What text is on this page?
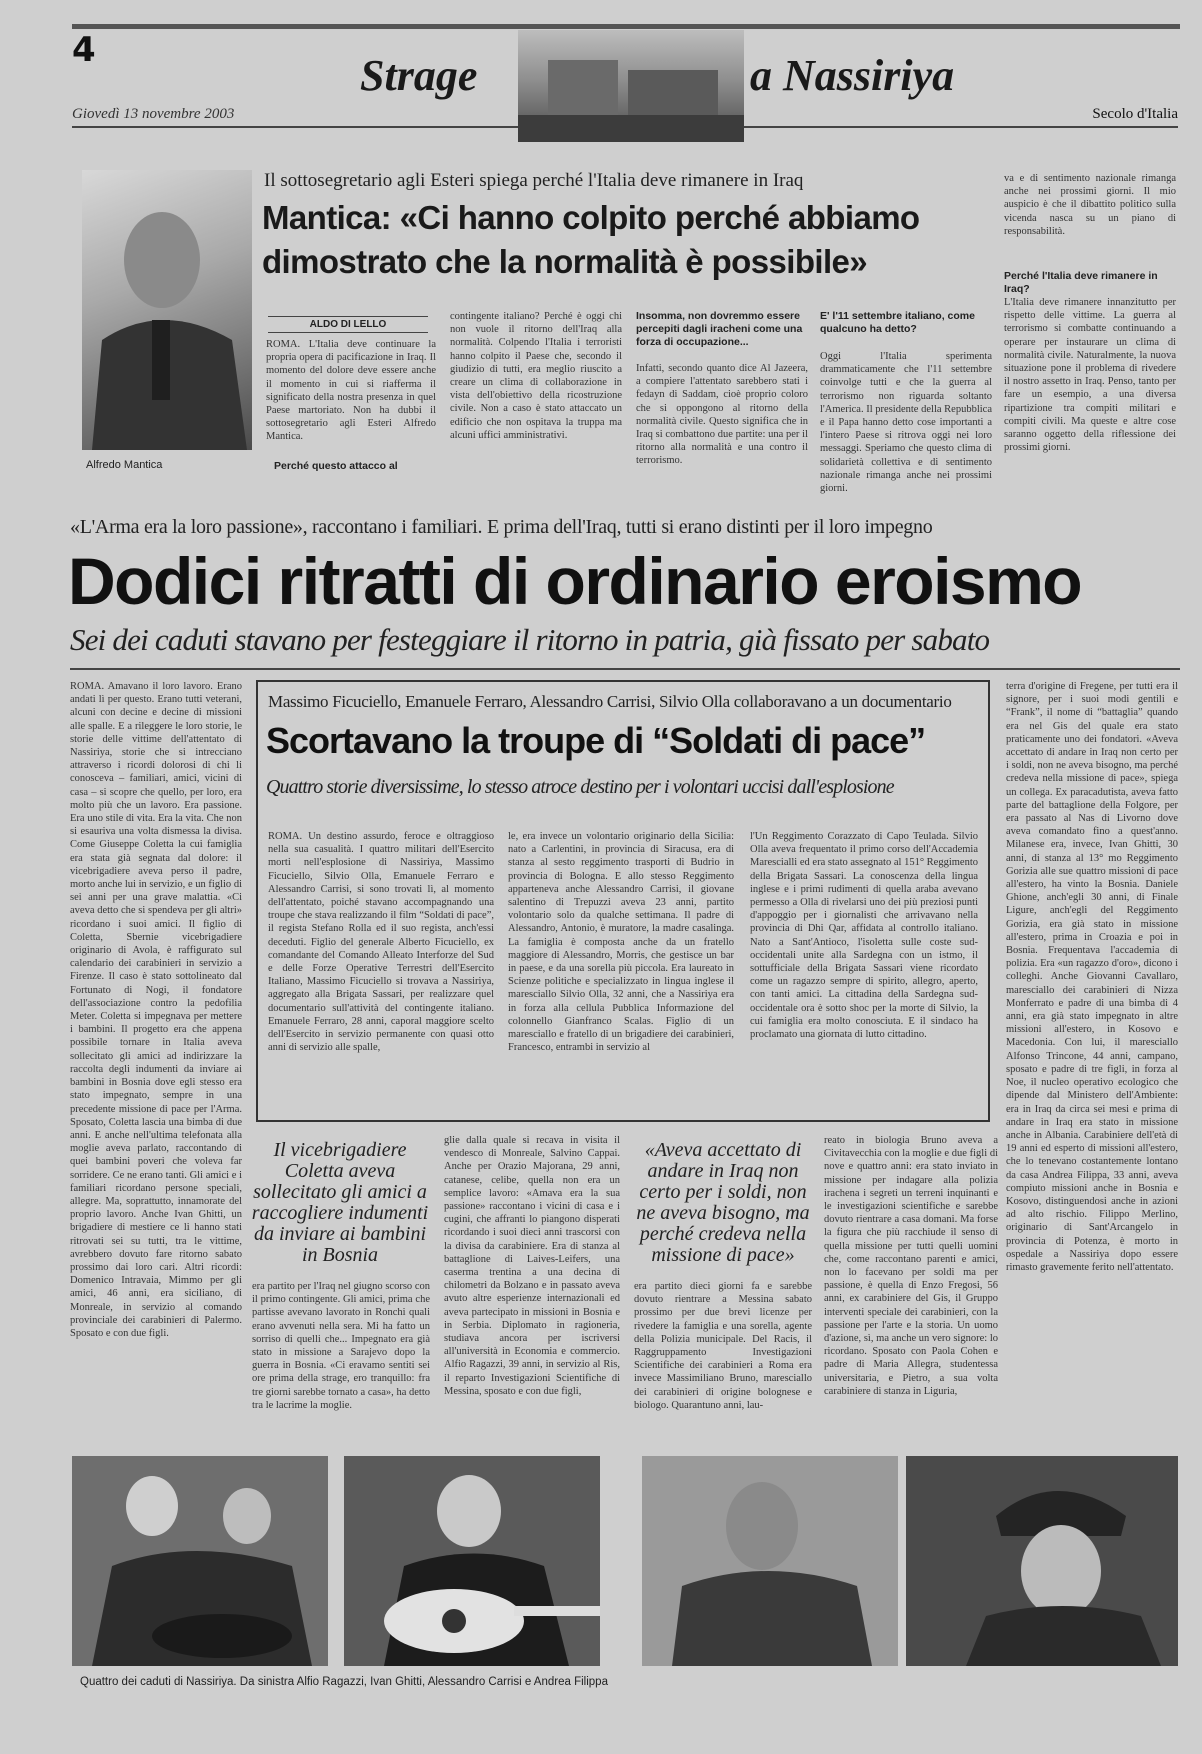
4
Strage	a Nassiriya
Giovedì 13 novembre 2003	Secolo d'Italia
Alfredo Mantica
Il sottosegretario agli Esteri spiega perché l'Italia deve rimanere in Iraq
Mantica: «Ci hanno colpito perché abbiamo dimostrato che la normalità è possibile»
ALDO DI LELLO
ROMA. L'Italia deve continuare la propria opera di pacificazione in Iraq. Il momento del dolore deve essere anche il momento in cui si riafferma il significato della nostra presenza in quel Paese martoriato. Non ha dubbi il sottosegretario agli Esteri Alfredo Mantica.
Perché questo attacco al
contingente italiano? Perché è oggi chi non vuole il ritorno dell'Iraq alla normalità. Colpendo l'Italia i terroristi hanno colpito il Paese che, secondo il giudizio di tutti, era meglio riuscito a creare un clima di collaborazione in vista dell'obiettivo della ricostruzione civile. Non a caso è stato attaccato un edificio che non ospitava la truppa ma alcuni uffici amministrativi.
Insomma, non dovremmo essere percepiti dagli iracheni come una forza di occupazione...
Infatti, secondo quanto dice Al Jazeera, a compiere l'attentato sarebbero stati i fedayn di Saddam, cioè proprio coloro che si oppongono al ritorno della normalità civile. Questo significa che in Iraq si combattono due partite: una per il ritorno alla normalità e una contro il terrorismo.
E' l'11 settembre italiano, come qualcuno ha detto?
Oggi l'Italia sperimenta drammaticamente che l'11 settembre coinvolge tutti e che la guerra al terrorismo non riguarda soltanto l'America. Il presidente della Repubblica e il Papa hanno detto cose importanti a l'intero Paese si ritrova oggi nei loro messaggi. Speriamo che questo clima di solidarietà collettiva e di sentimento nazionale rimanga anche nei prossimi giorni.
va e di sentimento nazionale rimanga anche nei prossimi giorni. Il mio auspicio è che il dibattito politico sulla vicenda nasca su un piano di responsabilità.
Perché l'Italia deve rimanere in Iraq?
L'Italia deve rimanere innanzitutto per rispetto delle vittime. La guerra al terrorismo si combatte continuando a operare per instaurare un clima di normalità civile. Naturalmente, la nuova situazione pone il problema di rivedere il nostro assetto in Iraq. Penso, tanto per fare un esempio, a una diversa ripartizione tra compiti militari e compiti civili. Ma queste e altre cose saranno oggetto della riflessione dei prossimi giorni.
«L'Arma era la loro passione», raccontano i familiari. E prima dell'Iraq, tutti si erano distinti per il loro impegno
Dodici ritratti di ordinario eroismo
Sei dei caduti stavano per festeggiare il ritorno in patria, già fissato per sabato
ROMA. Amavano il loro lavoro. Erano andati lì per questo. Erano tutti veterani, alcuni con decine e decine di missioni alle spalle. E a rileggere le loro storie, le storie delle vittime dell'attentato di Nassiriya, storie che si intrecciano attraverso i ricordi dolorosi di chi li conosceva – familiari, amici, vicini di casa – si scopre che quello, per loro, era molto più che un lavoro. Era passione. Era uno stile di vita. Era la vita. Che non si esauriva una volta dismessa la divisa. Come Giuseppe Coletta la cui famiglia era stata già segnata dal dolore: il vicebrigadiere aveva perso il padre, morto anche lui in servizio, e un figlio di sei anni per una grave malattia. «Ci aveva detto che si spendeva per gli altri» ricordano i suoi amici. Il figlio di Coletta, Sbernie vicebrigadiere originario di Avola, è raffigurato sul calendario dei carabinieri in servizio a Firenze. Il caso è stato sottolineato dal Fortunato di Nogi, il fondatore dell'associazione contro la pedofilia Meter. Coletta si impegnava per mettere i bambini. Il progetto era che appena possibile tornare in Italia aveva sollecitato gli amici ad indirizzare la raccolta degli indumenti da inviare ai bambini in Bosnia dove egli stesso era stato impegnato, sempre in una precedente missione di pace per l'Arma. Sposato, Coletta lascia una bimba di due anni. E anche nell'ultima telefonata alla moglie aveva parlato, raccontando di quei bambini poveri che voleva far sorridere. Ce ne erano tanti. Gli amici e i familiari ricordano persone speciali, allegre. Ma, soprattutto, innamorate del proprio lavoro. Anche Ivan Ghitti, un brigadiere di mestiere ce li hanno stati ritrovati sei su tutti, tra le vittime, avrebbero dovuto fare ritorno sabato prossimo dai loro cari. Altri ricordi: Domenico Intravaia, Mimmo per gli amici, 46 anni, era siciliano, di Monreale, in servizio al comando provinciale dei carabinieri di Palermo. Sposato e con due figli.
Massimo Ficuciello, Emanuele Ferraro, Alessandro Carrisi, Silvio Olla collaboravano a un documentario
Scortavano la troupe di “Soldati di pace”
Quattro storie diversissime, lo stesso atroce destino per i volontari uccisi dall'esplosione
ROMA. Un destino assurdo, feroce e oltraggioso nella sua casualità. I quattro militari dell'Esercito morti nell'esplosione di Nassiriya, Massimo Ficuciello, Silvio Olla, Emanuele Ferraro e Alessandro Carrisi, si sono trovati lì, al momento dell'attentato, poiché stavano accompagnando una troupe che stava realizzando il film “Soldati di pace”, il regista Stefano Rolla ed il suo regista, anch'essi deceduti. Figlio del generale Alberto Ficuciello, ex comandante del Comando Alleato Interforze del Sud e delle Forze Operative Terrestri dell'Esercito Italiano, Massimo Ficuciello si trovava a Nassiriya, aggregato alla Brigata Sassari, per realizzare quel documentario sull'attività del contingente italiano. Emanuele Ferraro, 28 anni, caporal maggiore scelto dell'Esercito in servizio permanente con quasi otto anni di servizio alle spalle,
le, era invece un volontario originario della Sicilia: nato a Carlentini, in provincia di Siracusa, era di stanza al sesto reggimento trasporti di Budrio in provincia di Bologna. E allo stesso Reggimento apparteneva anche Alessandro Carrisi, il giovane salentino di Trepuzzi aveva 23 anni, partito volontario solo da qualche settimana. Il padre di Alessandro, Antonio, è muratore, la madre casalinga. La famiglia è composta anche da un fratello maggiore di Alessandro, Morris, che gestisce un bar in paese, e da una sorella più piccola. Era laureato in Scienze politiche e specializzato in lingua inglese il maresciallo Silvio Olla, 32 anni, che a Nassiriya era in forza alla cellula Pubblica Informazione del colonnello Gianfranco Scalas. Figlio di un maresciallo e fratello di un brigadiere dei carabinieri, Francesco, entrambi in servizio al
l'Un Reggimento Corazzato di Capo Teulada. Silvio Olla aveva frequentato il primo corso dell'Accademia Marescialli ed era stato assegnato al 151° Reggimento della Brigata Sassari. La conoscenza della lingua inglese e i primi rudimenti di quella araba avevano permesso a Olla di rivelarsi uno dei più preziosi punti d'appoggio per i giornalisti che arrivavano nella provincia di Dhi Qar, affidata al controllo italiano. Nato a Sant'Antioco, l'isoletta sulle coste sud-occidentali unite alla Sardegna con un istmo, il sottufficiale della Brigata Sassari viene ricordato come un ragazzo sempre di spirito, allegro, aperto, con tanti amici. La cittadina della Sardegna sud-occidentale ora è sotto shoc per la morte di Silvio, la cui famiglia era molto conosciuta. E il sindaco ha proclamato una giornata di lutto cittadino.
terra d'origine di Fregene, per tutti era il signore, per i suoi modi gentili e “Frank”, il nome di “battaglia” quando era nel Gis del quale era stato praticamente uno dei fondatori. «Aveva accettato di andare in Iraq non certo per i soldi, non ne aveva bisogno, ma perché credeva nella missione di pace», spiega un collega. Ex paracadutista, aveva fatto parte del battaglione della Folgore, per era passato al Nas di Livorno dove aveva comandato fino a quest'anno. Milanese era, invece, Ivan Ghitti, 30 anni, di stanza al 13° mo Reggimento Gorizia alle sue quattro missioni di pace all'estero, ha vinto la Bosnia. Daniele Ghione, anch'egli 30 anni, di Finale Ligure, anch'egli del Reggimento Gorizia, era già stato in missione all'estero, prima in Croazia e poi in Bosnia. Frequentava l'accademia di polizia. Era «un ragazzo d'oro», dicono i colleghi. Anche Giovanni Cavallaro, maresciallo dei carabinieri di Nizza Monferrato e padre di una bimba di 4 anni, era già stato impegnato in altre missioni all'estero, in Kosovo e Macedonia. Con lui, il maresciallo Alfonso Trincone, 44 anni, campano, sposato e padre di tre figli, in forza al Noe, il nucleo operativo ecologico che dipende dal Ministero dell'Ambiente: era in Iraq da circa sei mesi e prima di andare in Iraq era stato in missione anche in Albania. Carabiniere dell'età di 19 anni ed esperto di missioni all'estero, che lo tenevano costantemente lontano da casa Andrea Filippa, 33 anni, aveva compiuto missioni anche in Bosnia e Kosovo, distinguendosi anche in azioni ad alto rischio. Filippo Merlino, originario di Sant'Arcangelo in provincia di Potenza, è morto in ospedale a Nassiriya dopo essere rimasto gravemente ferito nell'attentato.
Il vicebrigadiere Coletta aveva sollecitato gli amici a raccogliere indumenti da inviare ai bambini in Bosnia
era partito per l'Iraq nel giugno scorso con il primo contingente. Gli amici, prima che partisse avevano lavorato in Ronchi quali erano avvenuti nella sera. Mi ha fatto un sorriso di quelli che... Impegnato era già stato in missione a Sarajevo dopo la guerra in Bosnia. «Ci eravamo sentiti sei ore prima della strage, ero tranquillo: fra tre giorni sarebbe tornato a casa», ha detto tra le lacrime la moglie.
glie dalla quale si recava in visita il vendesco di Monreale, Salvino Cappai. Anche per Orazio Majorana, 29 anni, catanese, celibe, quella non era un semplice lavoro: «Amava era la sua passione» raccontano i vicini di casa e i cugini, che affranti lo piangono disperati ricordando i suoi dieci anni trascorsi con la divisa da carabiniere. Era di stanza al battaglione di Laives-Leifers, una caserma trentina a una decina di chilometri da Bolzano e in passato aveva avuto altre esperienze internazionali ed aveva partecipato in missioni in Bosnia e in Serbia. Diplomato in ragioneria, studiava ancora per iscriversi all'università in Economia e commercio. Alfio Ragazzi, 39 anni, in servizio al Ris, il reparto Investigazioni Scientifiche di Messina, sposato e con due figli,
«Aveva accettato di andare in Iraq non certo per i soldi, non ne aveva bisogno, ma perché credeva nella missione di pace»
era partito dieci giorni fa e sarebbe dovuto rientrare a Messina sabato prossimo per due brevi licenze per rivedere la famiglia e una sorella, agente della Polizia municipale. Del Racis, il Raggruppamento Investigazioni Scientifiche dei carabinieri a Roma era invece Massimiliano Bruno, maresciallo dei carabinieri di origine bolognese e biologo. Quarantuno anni, lau-
reato in biologia Bruno aveva a Civitavecchia con la moglie e due figli di nove e quattro anni: era stato inviato in missione per indagare alla polizia irachena i segreti un terreni inquinanti e le investigazioni scientifiche e sarebbe dovuto rientrare a casa domani. Ma forse la figura che più racchiude il senso di quella missione per tutti quelli uomini che, come raccontano parenti e amici, non lo facevano per soldi ma per passione, è quella di Enzo Fregosi, 56 anni, ex carabiniere del Gis, il Gruppo interventi speciale dei carabinieri, con la passione per l'arte e la storia. Un uomo d'azione, sì, ma anche un vero signore: lo ricordano. Sposato con Paola Cohen e padre di Maria Allegra, studentessa universitaria, e Pietro, a sua volta carabiniere di stanza in Liguria,
Quattro dei caduti di Nassiriya. Da sinistra Alfio Ragazzi, Ivan Ghitti, Alessandro Carrisi e Andrea Filippa
